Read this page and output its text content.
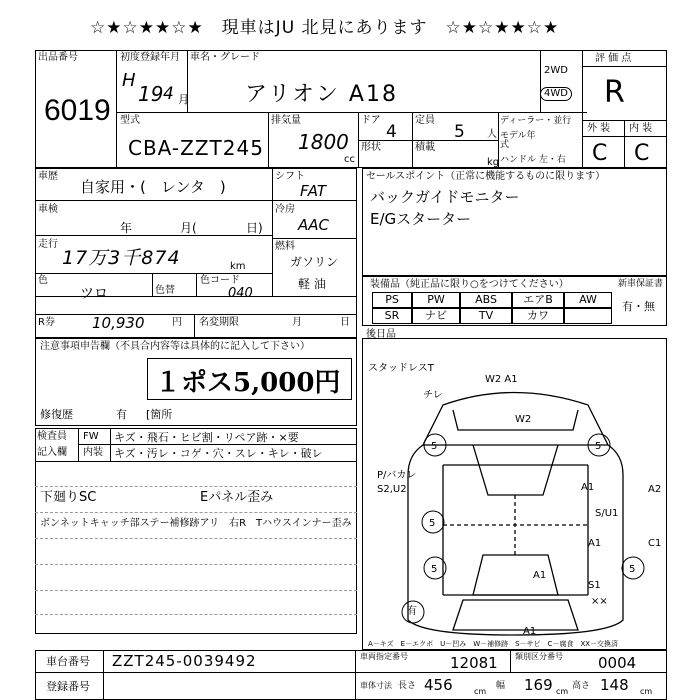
☆★☆★★☆★　現車はJU 北見にあります　☆★☆★★☆★
出品番号
6019
初度登録年月
H
19 4 月
車名・グレード
アリオン A18
2WD
4WD
評 価 点
R
外 装 内 装
C C
型式
CBA-ZZT245
排気量
1800
cc
ドア
4
形状
定員
5 人
積載
kg
ディーラー・並行
モデル年式
ハンドル 左・右
車歴
自家用・(　レンタ　)
シフト
FAT
車検
年	月(	日)
冷房
AAC
走行
17万3千874	km
燃料
ガソリン
軽 油
色
ツロ	色替
色コード
040
R券 10,930	円 名変期限	月	日
セールスポイント（正常に機能するものに限ります）
バックガイドモニター
E/Gスターター
装備品（純正品に限り○をつけてください）	新車保証書
有・無
PS	PW	ABS	エアB	AW
SR	ナビ	TV	カワ
後日品
注意事項申告欄（不具合内容等は具体的に記入して下さい）
１ポス5,000円
修復歴	有 [箇所
検査員
記入欄
FW キズ・飛石・ヒビ割・リペア跡・×要
内装 キズ・汚レ・コゲ・穴・スレ・キレ・破レ
下廻りSC	Eパネル歪み
ボンネットキャッチ部ステー補修跡アリ　右R　Tハウスインナー歪み
スタッドレスT
W2 A1
チレ
W2
5	5
5
5	5
P/バカレ
S2,U2	A1	A2
S/U1
A1	C1
A1
S1
××
A1
有
A－キズ　E－エクボ　U－凹み　W－補修跡　S－サビ　C－腐食　XX－交換済
車台番号 ZZT245-0039492
登録番号
車両指定番号	12081 類別区分番号 0004
車体寸法 長さ 456	cm
幅 169 cm
高さ 148 cm
